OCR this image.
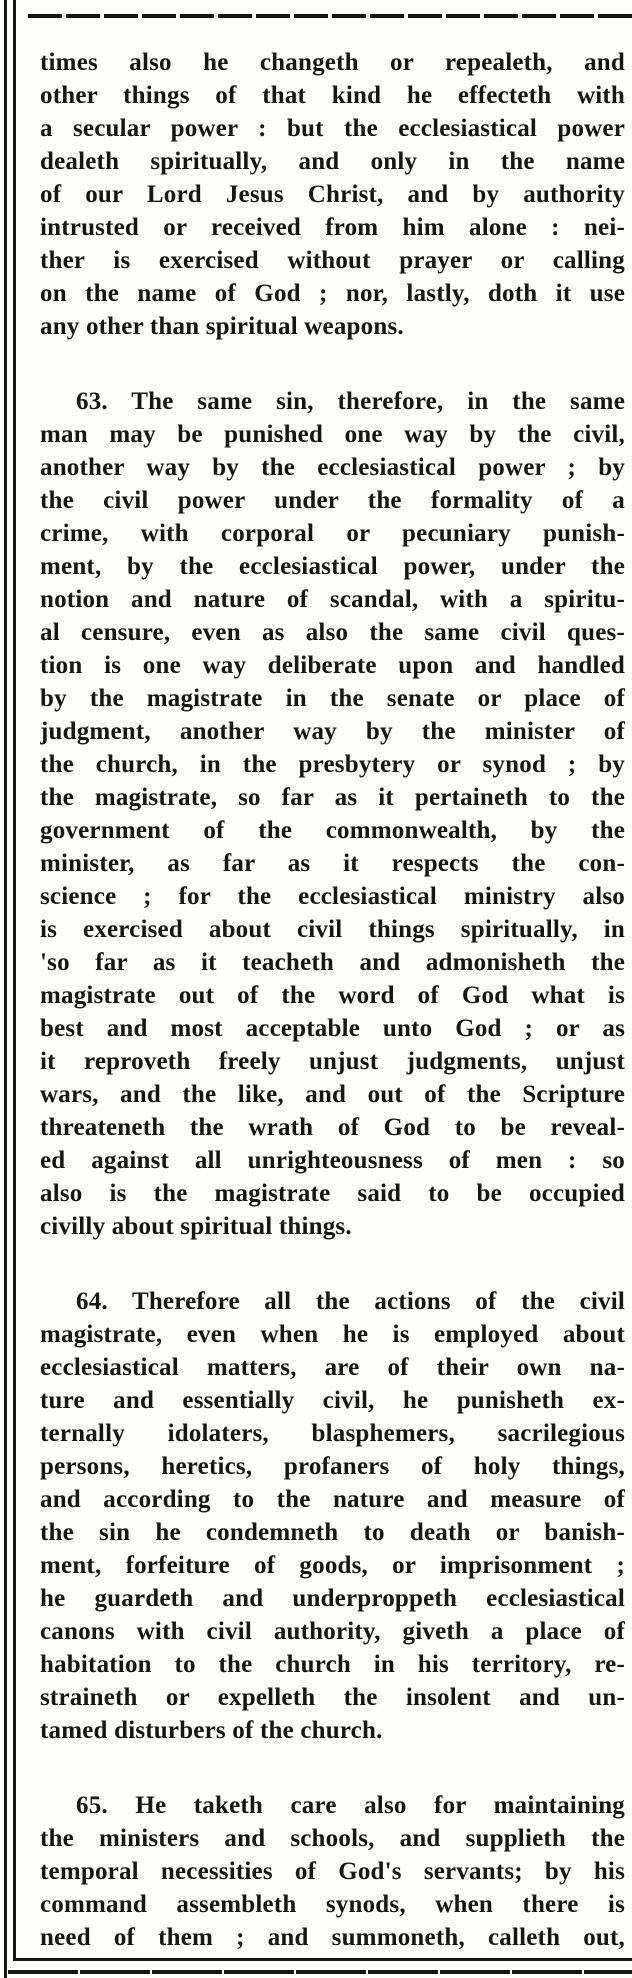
times also he changeth or repealeth, and
other things of that kind he effecteth with
a secular power : but the ecclesiastical power
dealeth spiritually, and only in the name
of our Lord Jesus Christ, and by authority
intrusted or received from him alone : nei-
ther is exercised without prayer or calling
on the name of God ; nor, lastly, doth it use
any other than spiritual weapons.
63. The same sin, therefore, in the same
man may be punished one way by the civil,
another way by the ecclesiastical power ; by
the civil power under the formality of a
crime, with corporal or pecuniary punish-
ment, by the ecclesiastical power, under the
notion and nature of scandal, with a spiritu-
al censure, even as also the same civil ques-
tion is one way deliberate upon and handled
by the magistrate in the senate or place of
judgment, another way by the minister of
the church, in the presbytery or synod ; by
the magistrate, so far as it pertaineth to the
government of the commonwealth, by the
minister, as far as it respects the con-
science ; for the ecclesiastical ministry also
is exercised about civil things spiritually, in
'so far as it teacheth and admonisheth the
magistrate out of the word of God what is
best and most acceptable unto God ; or as
it reproveth freely unjust judgments, unjust
wars, and the like, and out of the Scripture
threateneth the wrath of God to be reveal-
ed against all unrighteousness of men : so
also is the magistrate said to be occupied
civilly about spiritual things.
64. Therefore all the actions of the civil
magistrate, even when he is employed about
ecclesiastical matters, are of their own na-
ture and essentially civil, he punisheth ex-
ternally idolaters, blasphemers, sacrilegious
persons, heretics, profaners of holy things,
and according to the nature and measure of
the sin he condemneth to death or banish-
ment, forfeiture of goods, or imprisonment ;
he guardeth and underproppeth ecclesiastical
canons with civil authority, giveth a place of
habitation to the church in his territory, re-
straineth or expelleth the insolent and un-
tamed disturbers of the church.
65. He taketh care also for maintaining
the ministers and schools, and supplieth the
temporal necessities of God's servants; by his
command assembleth synods, when there is
need of them ; and summoneth, calleth out,
